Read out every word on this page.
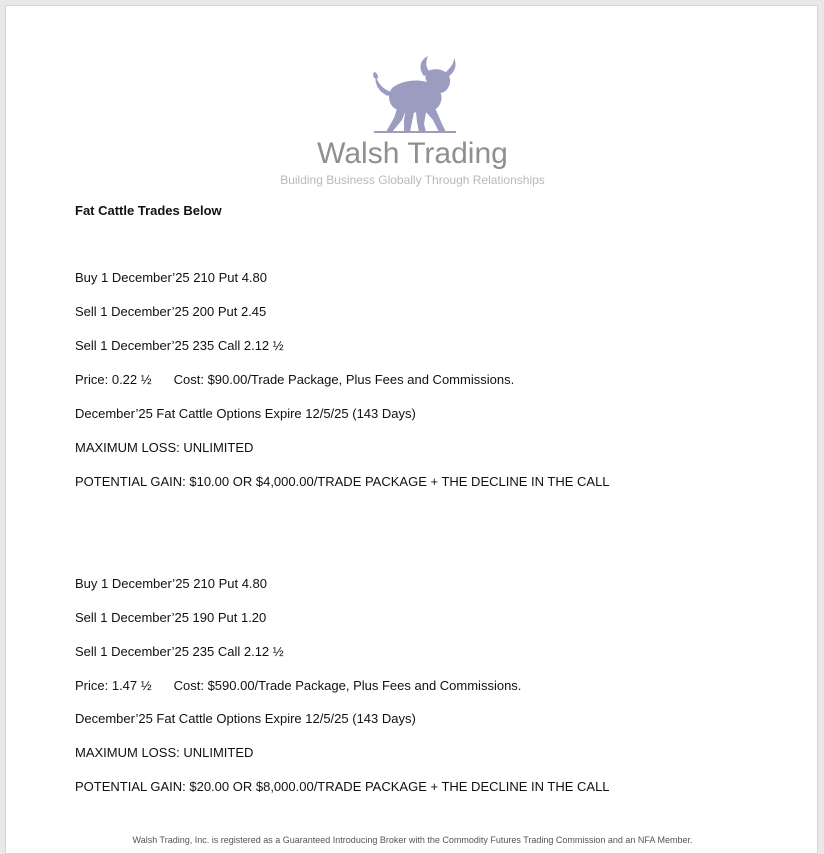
Walsh Trading
Building Business Globally Through Relationships
Fat Cattle Trades Below
Buy 1 December’25 210 Put 4.80
Sell 1 December’25 200 Put 2.45
Sell 1 December’25 235 Call 2.12 ½
Price: 0.22 ½ Cost: $90.00/Trade Package, Plus Fees and Commissions.
December’25 Fat Cattle Options Expire 12/5/25 (143 Days)
MAXIMUM LOSS: UNLIMITED
POTENTIAL GAIN: $10.00 OR $4,000.00/TRADE PACKAGE + THE DECLINE IN THE CALL
Buy 1 December’25 210 Put 4.80
Sell 1 December’25 190 Put 1.20
Sell 1 December’25 235 Call 2.12 ½
Price: 1.47 ½ Cost: $590.00/Trade Package, Plus Fees and Commissions.
December’25 Fat Cattle Options Expire 12/5/25 (143 Days)
MAXIMUM LOSS: UNLIMITED
POTENTIAL GAIN: $20.00 OR $8,000.00/TRADE PACKAGE + THE DECLINE IN THE CALL
Walsh Trading, Inc. is registered as a Guaranteed Introducing Broker with the Commodity Futures Trading Commission and an NFA Member.
